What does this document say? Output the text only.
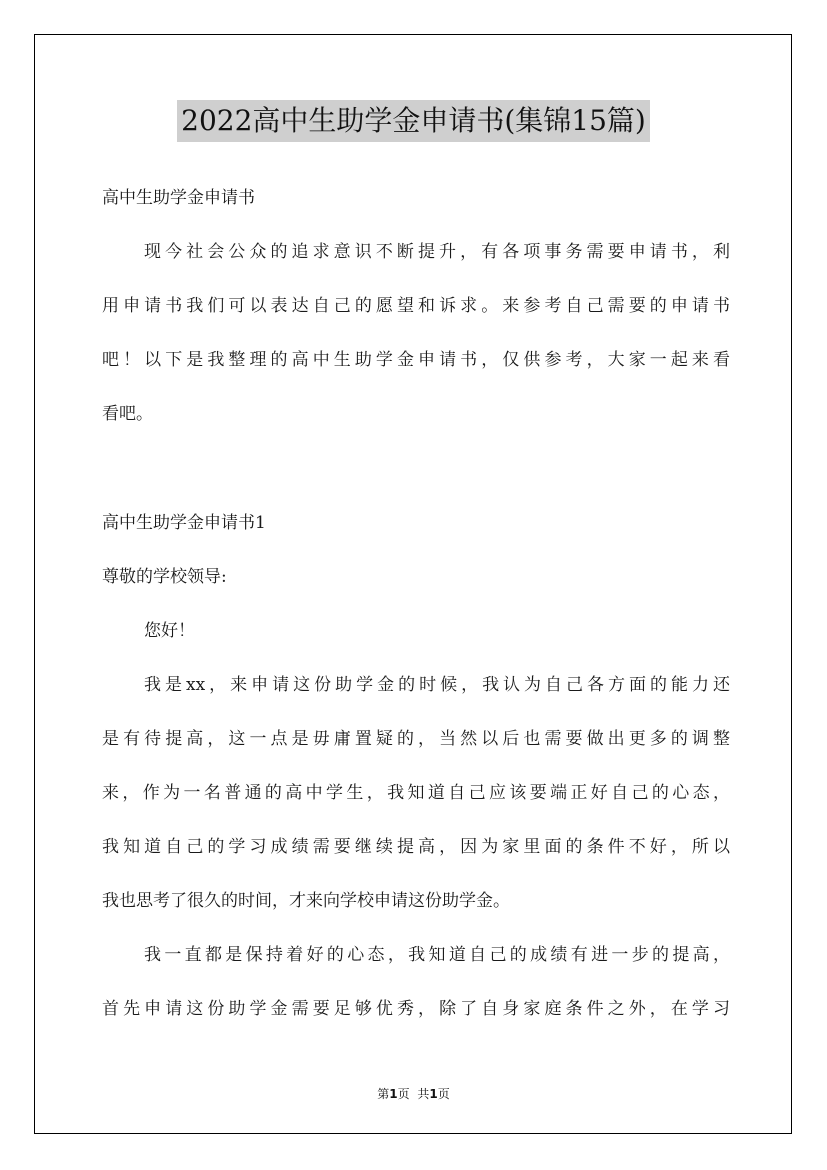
2022高中生助学金申请书(集锦15篇)
高中生助学金申请书
现今社会公众的追求意识不断提升，有各项事务需要申请书，利
用申请书我们可以表达自己的愿望和诉求。来参考自己需要的申请书
吧！以下是我整理的高中生助学金申请书，仅供参考，大家一起来看
看吧。
高中生助学金申请书1
尊敬的学校领导:
您好！
我是xx，来申请这份助学金的时候，我认为自己各方面的能力还
是有待提高，这一点是毋庸置疑的，当然以后也需要做出更多的调整
来，作为一名普通的高中学生，我知道自己应该要端正好自己的心态，
我知道自己的学习成绩需要继续提高，因为家里面的条件不好，所以
我也思考了很久的时间，才来向学校申请这份助学金。
我一直都是保持着好的心态，我知道自己的成绩有进一步的提高，
首先申请这份助学金需要足够优秀，除了自身家庭条件之外，在学习
第1页 共1页
